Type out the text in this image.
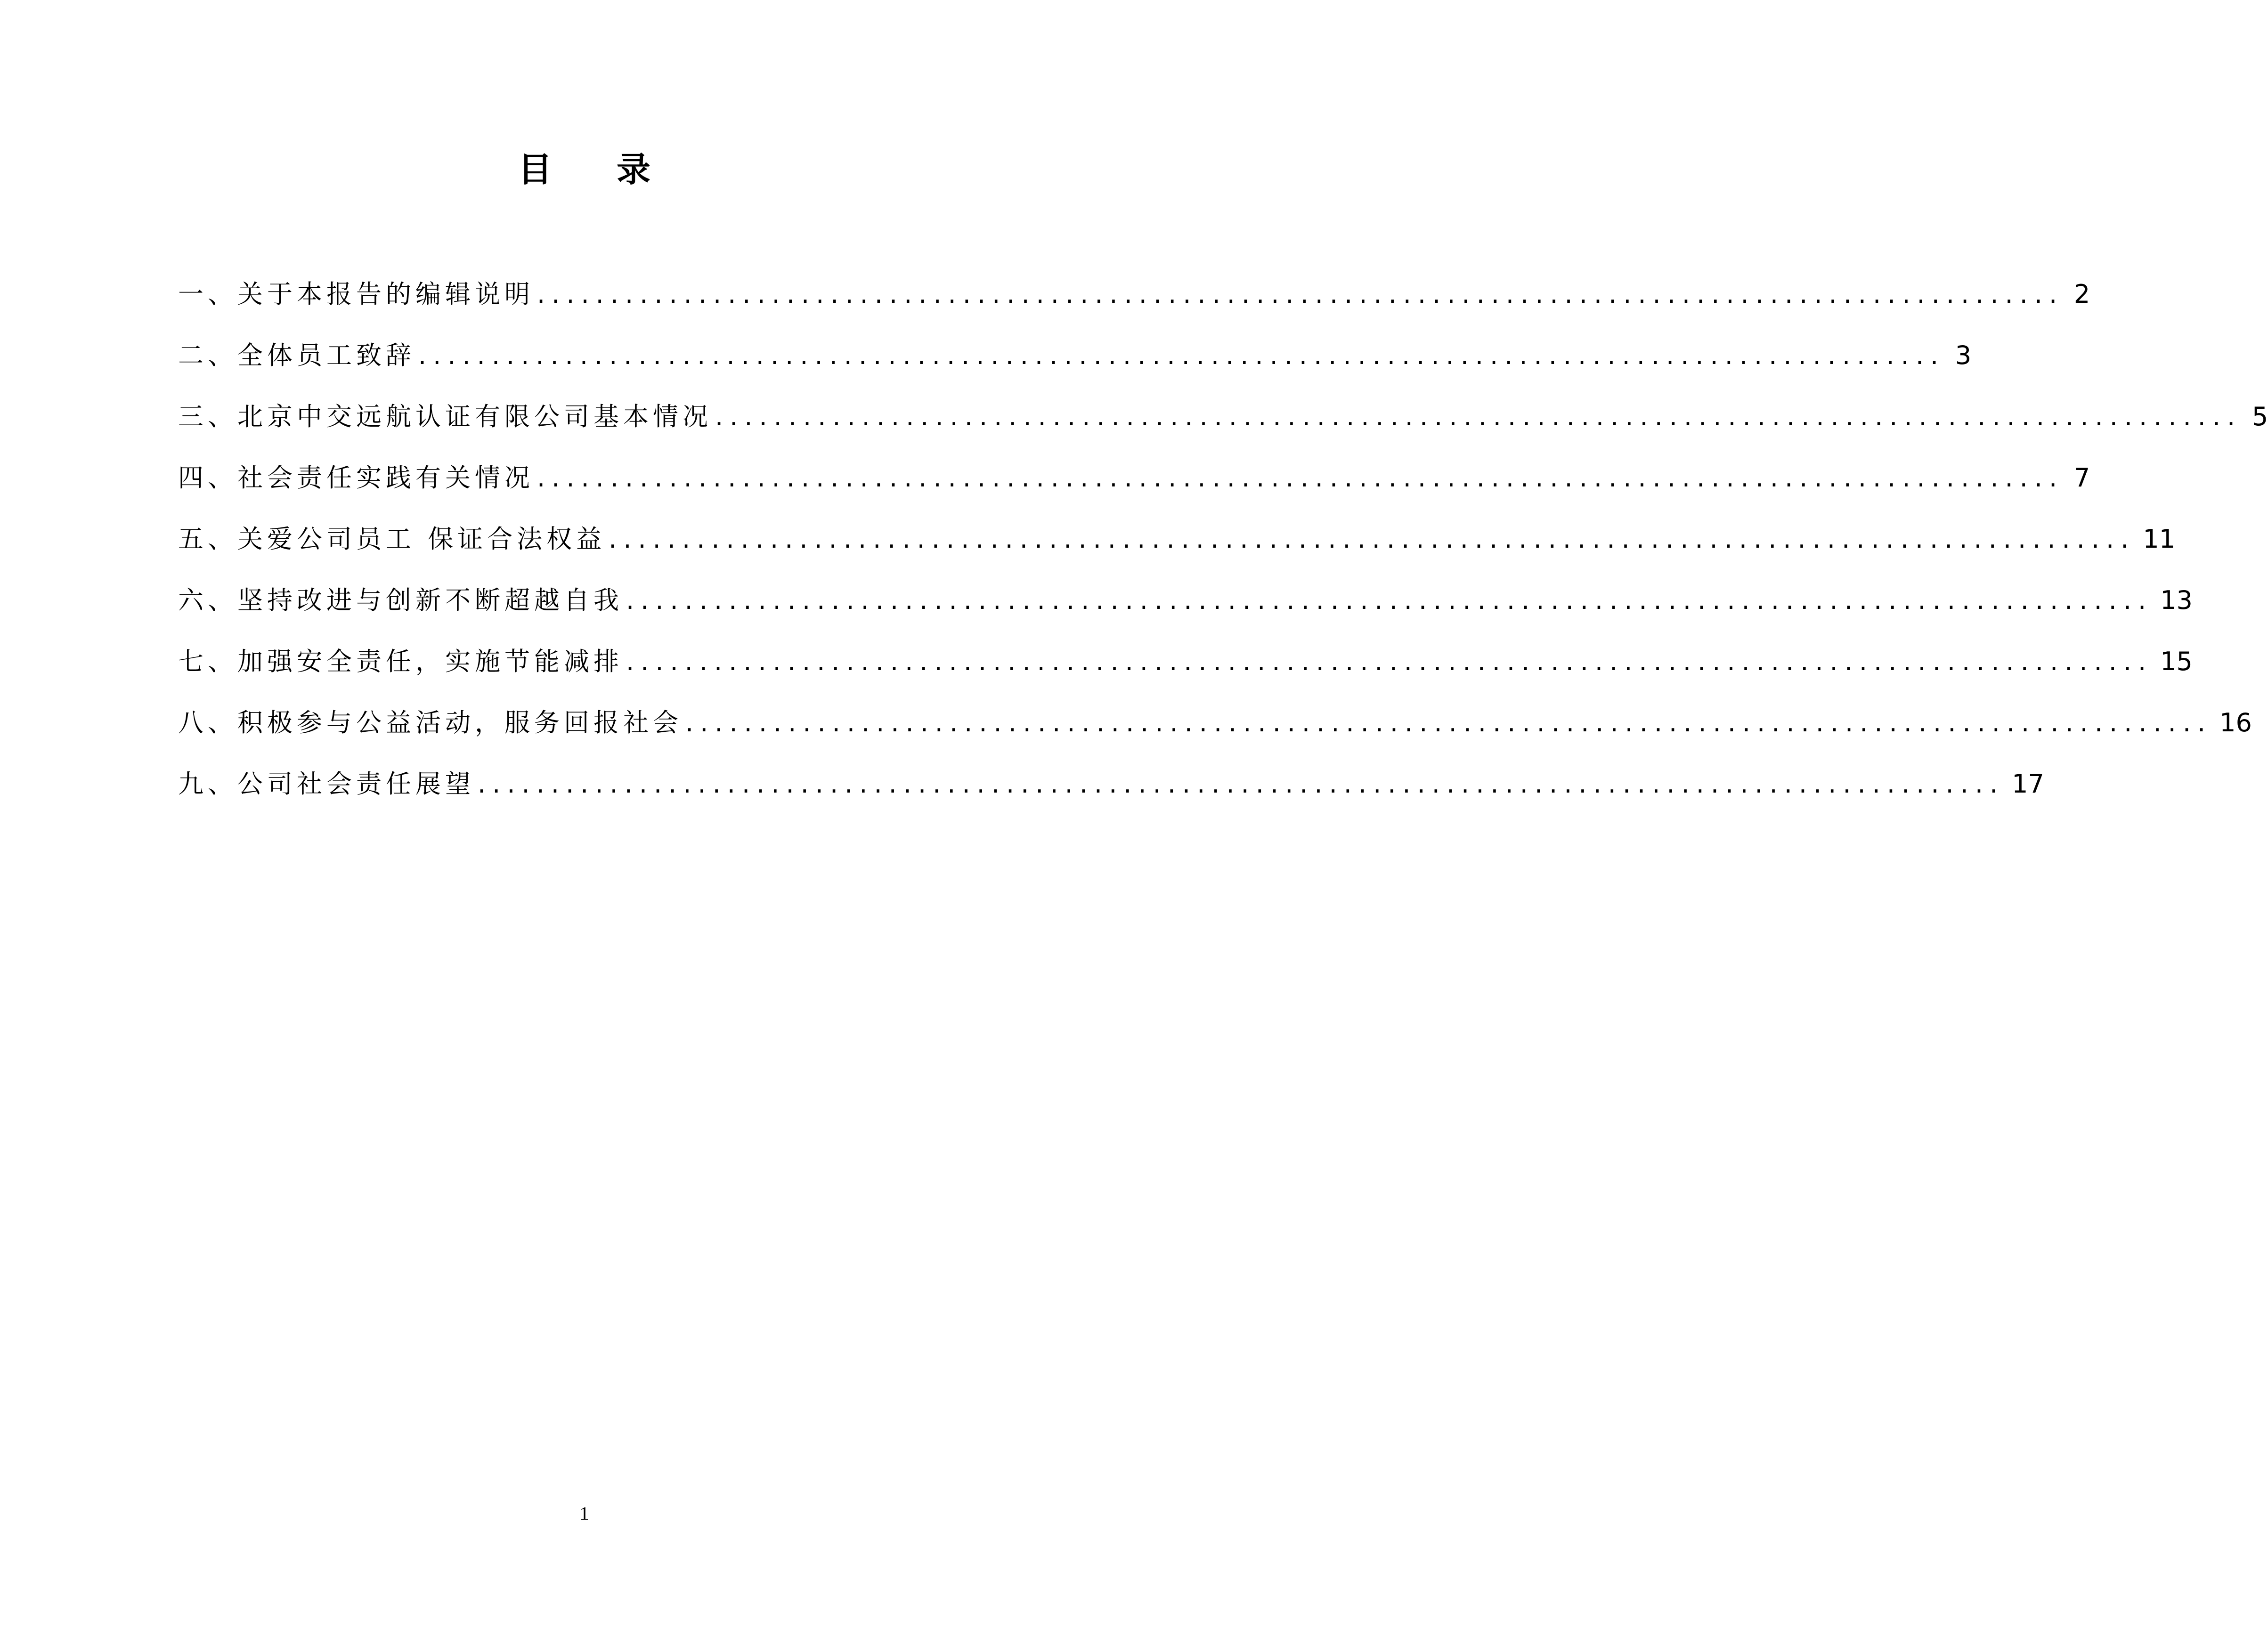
目 录
一、关于本报告的编辑说明 ........................................................................................................ 2
二、全体员工致辞 ........................................................................................................ 3
三、北京中交远航认证有限公司基本情况 ........................................................................................................ 5
四、社会责任实践有关情况 ........................................................................................................ 7
五、关爱公司员工 保证合法权益 ........................................................................................................ 11
六、坚持改进与创新不断超越自我 ........................................................................................................ 13
七、加强安全责任，实施节能减排 ........................................................................................................ 15
八、积极参与公益活动，服务回报社会 ........................................................................................................ 16
九、公司社会责任展望 ........................................................................................................ 17
1
